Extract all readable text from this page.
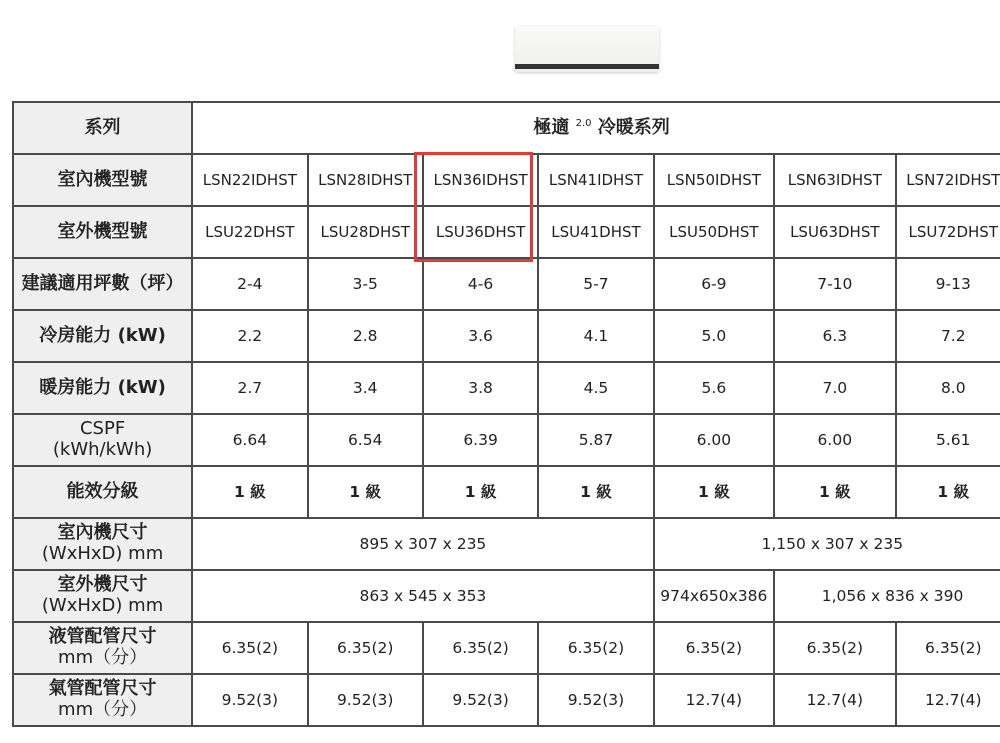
系列	極適 $^{2.0}$ 冷暖系列						
室內機型號	LSN22IDHST	LSN28IDHST	LSN36IDHST	LSN41IDHST	LSN50IDHST	LSN63IDHST	LSN72IDHST
室外機型號	LSU22DHST	LSU28DHST	LSU36DHST	LSU41DHST	LSU50DHST	LSU63DHST	LSU72DHST
建議適用坪數（坪）	2-4	3-5	4-6	5-7	6-9	7-10	9-13
冷房能力 (kW)	2.2	2.8	3.6	4.1	5.0	6.3	7.2
暖房能力 (kW)	2.7	3.4	3.8	4.5	5.6	7.0	8.0

CSPF
(kWh/kWh)	6.64	6.54	6.39	5.87	6.00	6.00	5.61
能效分級	1 級	1 級	1 級	1 級	1 級	1 級	1 級

室內機尺寸
(WxHxD) mm	895 x 307 x 235				1,150 x 307 x 235		

室外機尺寸
(WxHxD) mm	863 x 545 x 353				974x650x386	1,056 x 836 x 390	

液管配管尺寸
mm（分）	6.35(2)	6.35(2)	6.35(2)	6.35(2)	6.35(2)	6.35(2)	6.35(2)

氣管配管尺寸
mm（分）	9.52(3)	9.52(3)	9.52(3)	9.52(3)	12.7(4)	12.7(4)	12.7(4)
